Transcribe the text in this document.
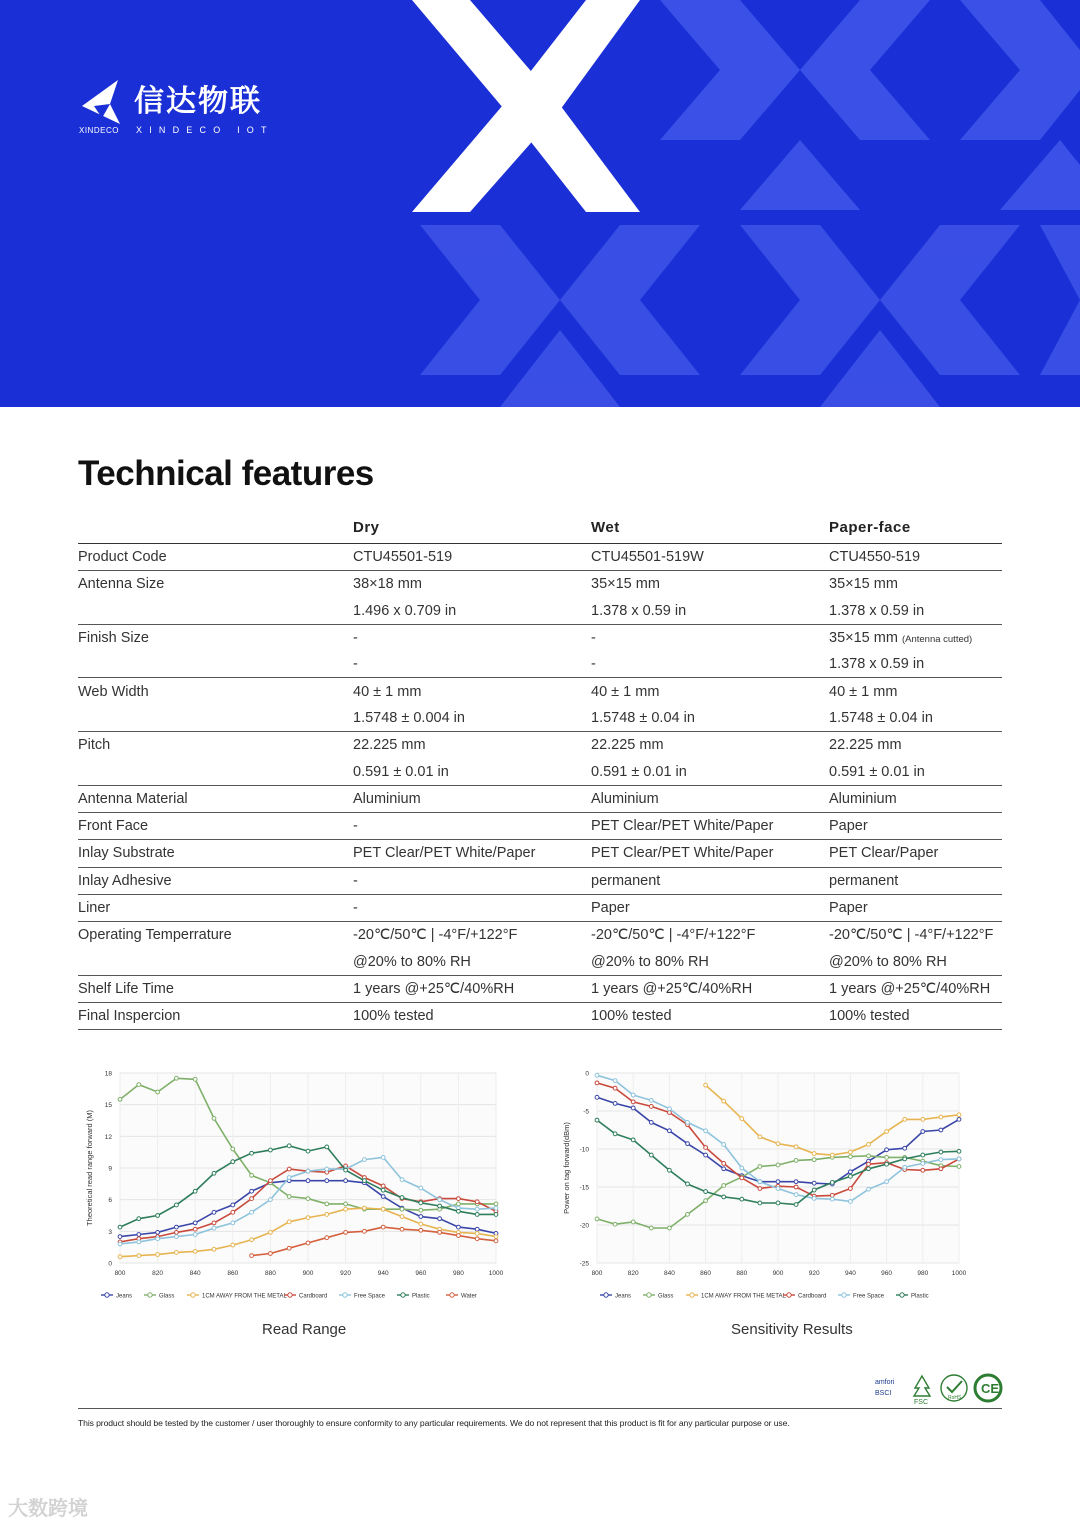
信达物联
XINDECO XINDECO IOT
Technical features
	Dry	Wet	Paper-face
Product Code	CTU45501-519	CTU45501-519W	CTU4550-519
Antenna Size	38×18 mm	35×15 mm	35×15 mm
	1.496 x 0.709 in	1.378 x 0.59 in	1.378 x 0.59 in
Finish Size	-	-	35×15 mm (Antenna cutted)
	-	-	1.378 x 0.59 in
Web Width	40 ± 1 mm	40 ± 1 mm	40 ± 1 mm
	1.5748 ± 0.004 in	1.5748 ± 0.04 in	1.5748 ± 0.04 in
Pitch	22.225 mm	22.225 mm	22.225 mm
	0.591 ± 0.01 in	0.591 ± 0.01 in	0.591 ± 0.01 in
Antenna Material	Aluminium	Aluminium	Aluminium
Front Face	-	PET Clear/PET White/Paper	Paper
Inlay Substrate	PET Clear/PET White/Paper	PET Clear/PET White/Paper	PET Clear/Paper
Inlay Adhesive	-	permanent	permanent
Liner	-	Paper	Paper
Operating Temperrature	-20℃/50℃ | -4°F/+122°F	-20℃/50℃ | -4°F/+122°F	-20℃/50℃ | -4°F/+122°F
	@20% to 80% RH	@20% to 80% RH	@20% to 80% RH
Shelf Life Time	1 years @+25℃/40%RH	1 years @+25℃/40%RH	1 years @+25℃/40%RH
Final Inspercion	100% tested	100% tested	100% tested
800	820	840	860	880	900	920	940	960	980	1000
0
3
6
9
12
15
18
Theoretical read range forward (M)
Jeans	Glass	1CM AWAY FROM THE METAL Cardboard	Free Space	Plastic	Water
800	820	840	860	880	900	920	940	960	980	1000
0
-5
-10
-15
-20
-25
Power on tag forward(dBm)
Jeans	Glass	1CM AWAY FROM THE METAL Cardboard	Free Space	Plastic
Read Range	Sensitivity Results
amfori
BSCI
FSC
RoHS
CE
This product should be tested by the customer / user thoroughly to ensure conformity to any particular requirements. We do not represent that this product is fit for any particular purpose or use.
大数跨境
